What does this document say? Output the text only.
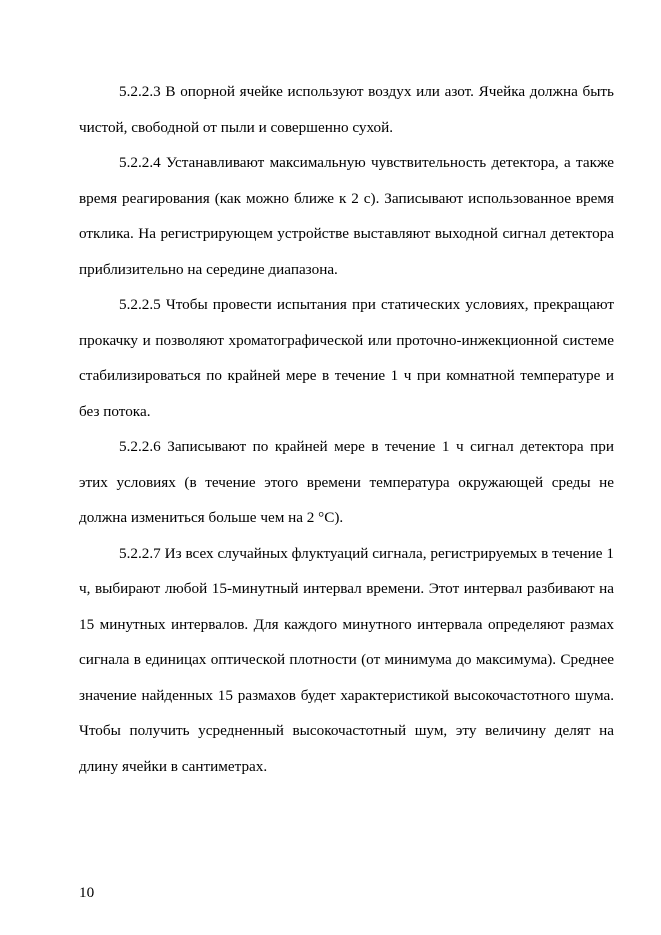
5.2.2.3 В опорной ячейке используют воздух или азот. Ячейка должна быть чистой, свободной от пыли и совершенно сухой.

5.2.2.4 Устанавливают максимальную чувствительность детектора, а также время реагирования (как можно ближе к 2 с). Записывают использованное время отклика. На регистрирующем устройстве выставляют выходной сигнал детектора приблизительно на середине диапазона.

5.2.2.5 Чтобы провести испытания при статических условиях, прекращают прокачку и позволяют хроматографической или проточно-инжекционной системе стабилизироваться по крайней мере в течение 1 ч при комнатной температуре и без потока.

5.2.2.6 Записывают по крайней мере в течение 1 ч сигнал детектора при этих условиях (в течение этого времени температура окружающей среды не должна измениться больше чем на 2 °С).

5.2.2.7 Из всех случайных флуктуаций сигнала, регистрируемых в течение 1 ч, выбирают любой 15-минутный интервал времени. Этот интервал разбивают на 15 минутных интервалов. Для каждого минутного интервала определяют размах сигнала в единицах оптической плотности (от минимума до максимума). Среднее значение найденных 15 размахов будет характеристикой высокочастотного шума. Чтобы получить усредненный высокочастотный шум, эту величину делят на длину ячейки в сантиметрах.

10
